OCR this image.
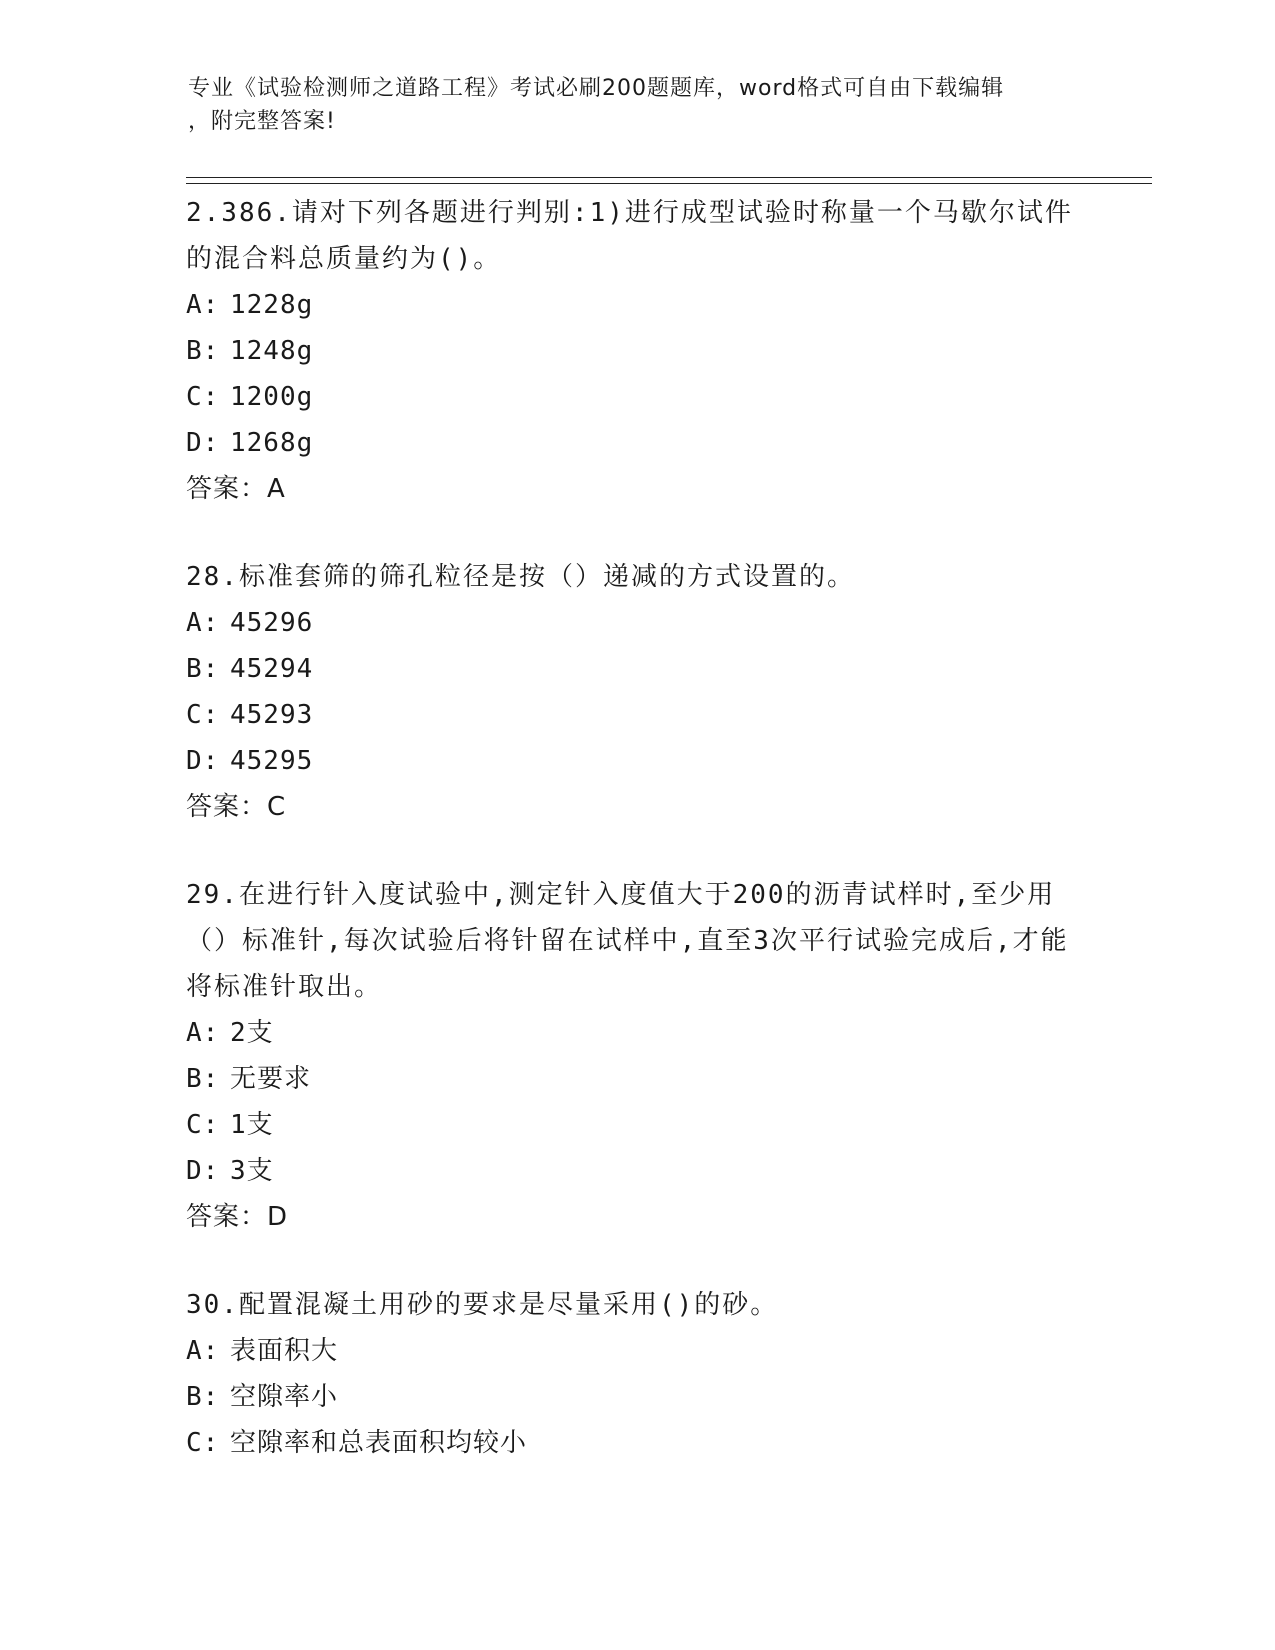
专业《试验检测师之道路工程》考试必刷200题题库，word格式可自由下载编辑
，附完整答案!
2.386.请对下列各题进行判别:1)进行成型试验时称量一个马歇尔试件的混合料总质量约为()。
A: 1228g
B: 1248g
C: 1200g
D: 1268g
答案：A
28.标准套筛的筛孔粒径是按（）递减的方式设置的。
A: 45296
B: 45294
C: 45293
D: 45295
答案：C
29.在进行针入度试验中,测定针入度值大于200的沥青试样时,至少用（）标准针,每次试验后将针留在试样中,直至3次平行试验完成后,才能将标准针取出。
A: 2支
B: 无要求
C: 1支
D: 3支
答案：D
30.配置混凝土用砂的要求是尽量采用()的砂。
A: 表面积大
B: 空隙率小
C: 空隙率和总表面积均较小
